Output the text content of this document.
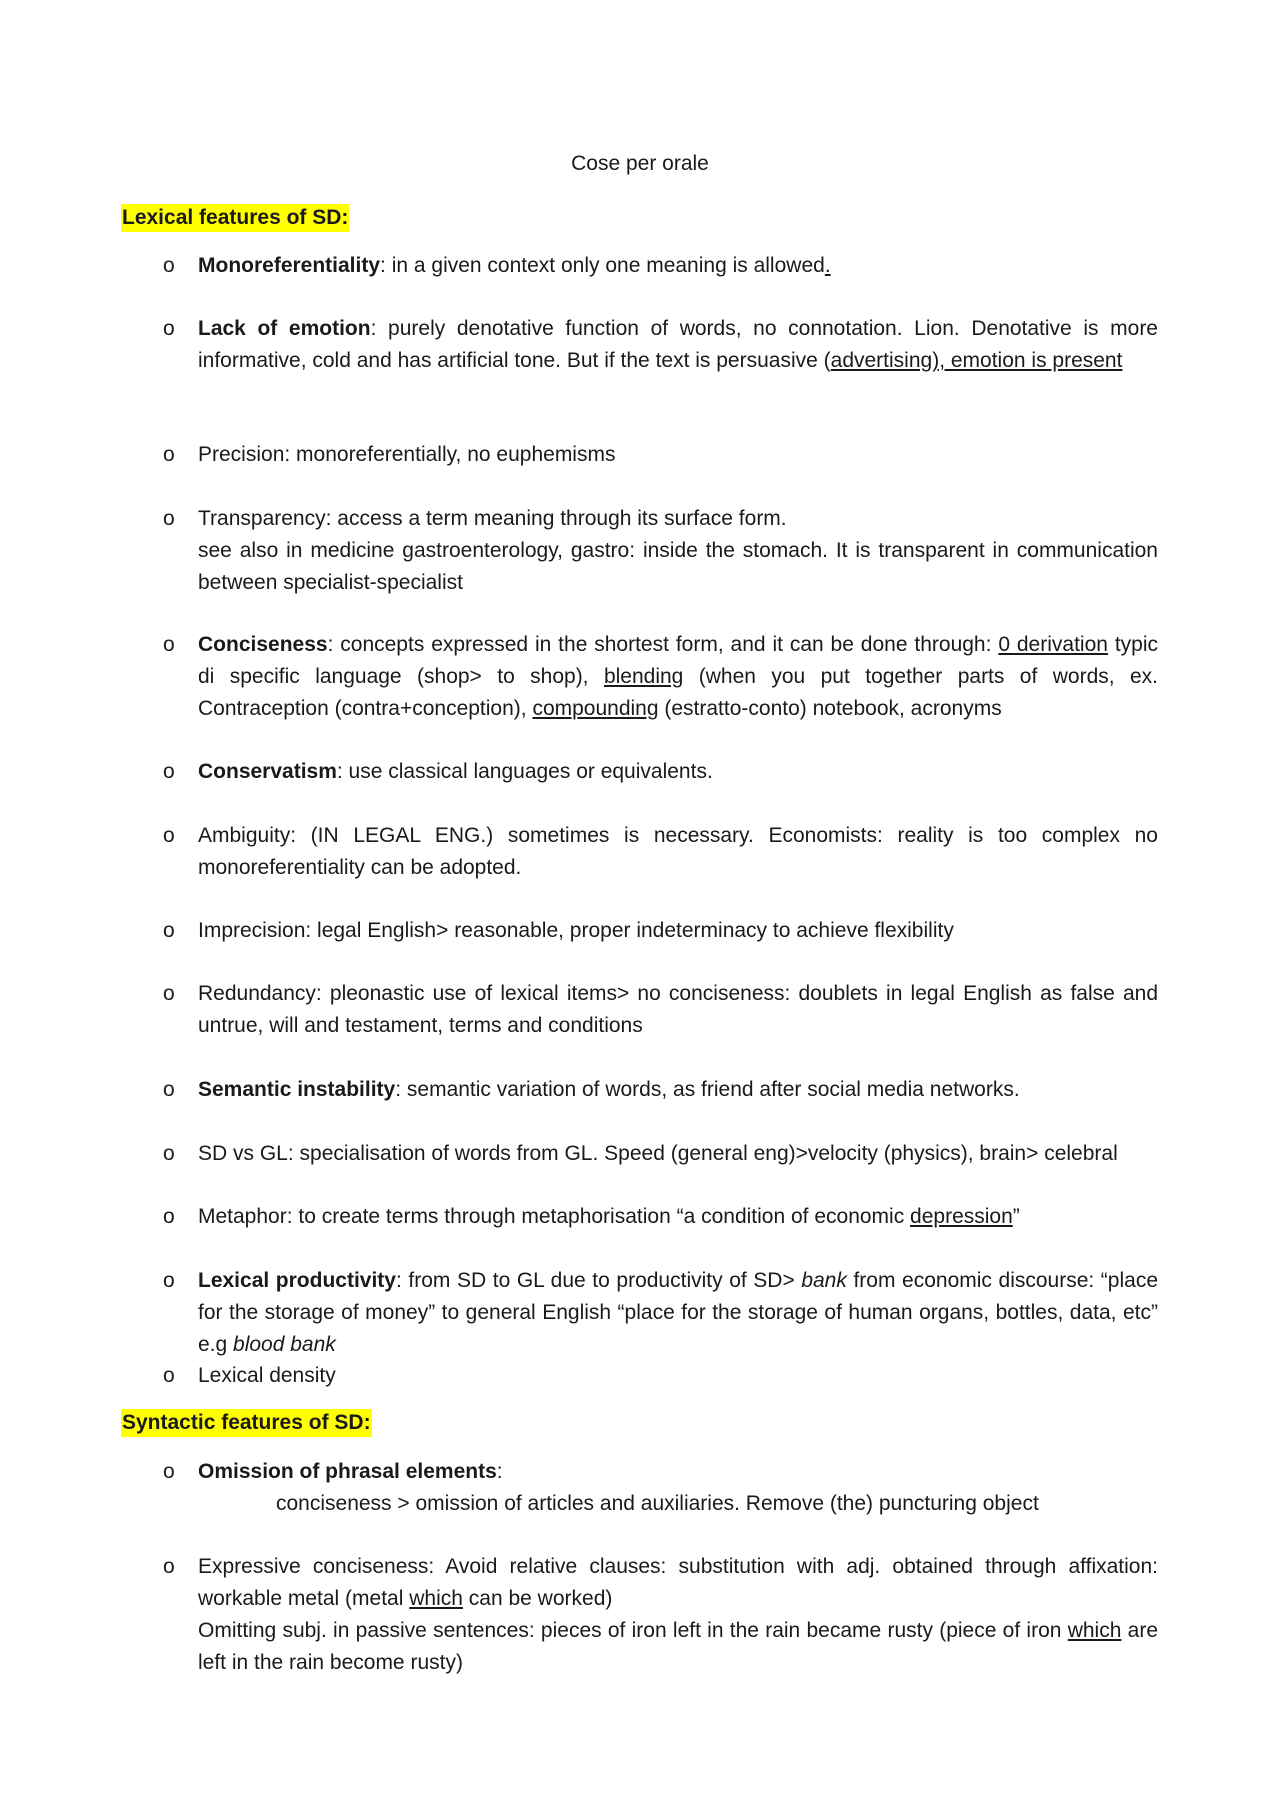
Cose per orale
Lexical features of SD:
o Monoreferentiality: in a given context only one meaning is allowed.
o Lack of emotion: purely denotative function of words, no connotation. Lion. Denotative is more informative, cold and has artificial tone. But if the text is persuasive (advertising), emotion is present
o Precision: monoreferentially, no euphemisms
o Transparency: access a term meaning through its surface form.
see also in medicine gastroenterology, gastro: inside the stomach. It is transparent in communication between specialist-specialist
o Conciseness: concepts expressed in the shortest form, and it can be done through: 0 derivation typic di specific language (shop> to shop), blending (when you put together parts of words, ex. Contraception (contra+conception), compounding (estratto-conto) notebook, acronyms
o Conservatism: use classical languages or equivalents.
o Ambiguity: (IN LEGAL ENG.) sometimes is necessary. Economists: reality is too complex no monoreferentiality can be adopted.
o Imprecision: legal English> reasonable, proper indeterminacy to achieve flexibility
o Redundancy: pleonastic use of lexical items> no conciseness: doublets in legal English as false and untrue, will and testament, terms and conditions
o Semantic instability: semantic variation of words, as friend after social media networks.
o SD vs GL: specialisation of words from GL. Speed (general eng)>velocity (physics), brain> celebral
o Metaphor: to create terms through metaphorisation “a condition of economic depression”
o Lexical productivity: from SD to GL due to productivity of SD> bank from economic discourse: “place for the storage of money” to general English “place for the storage of human organs, bottles, data, etc” e.g blood bank
o Lexical density
Syntactic features of SD:
o Omission of phrasal elements:
conciseness > omission of articles and auxiliaries. Remove (the) puncturing object
o Expressive conciseness: Avoid relative clauses: substitution with adj. obtained through affixation: workable metal (metal which can be worked)
Omitting subj. in passive sentences: pieces of iron left in the rain became rusty (piece of iron which are left in the rain become rusty)
